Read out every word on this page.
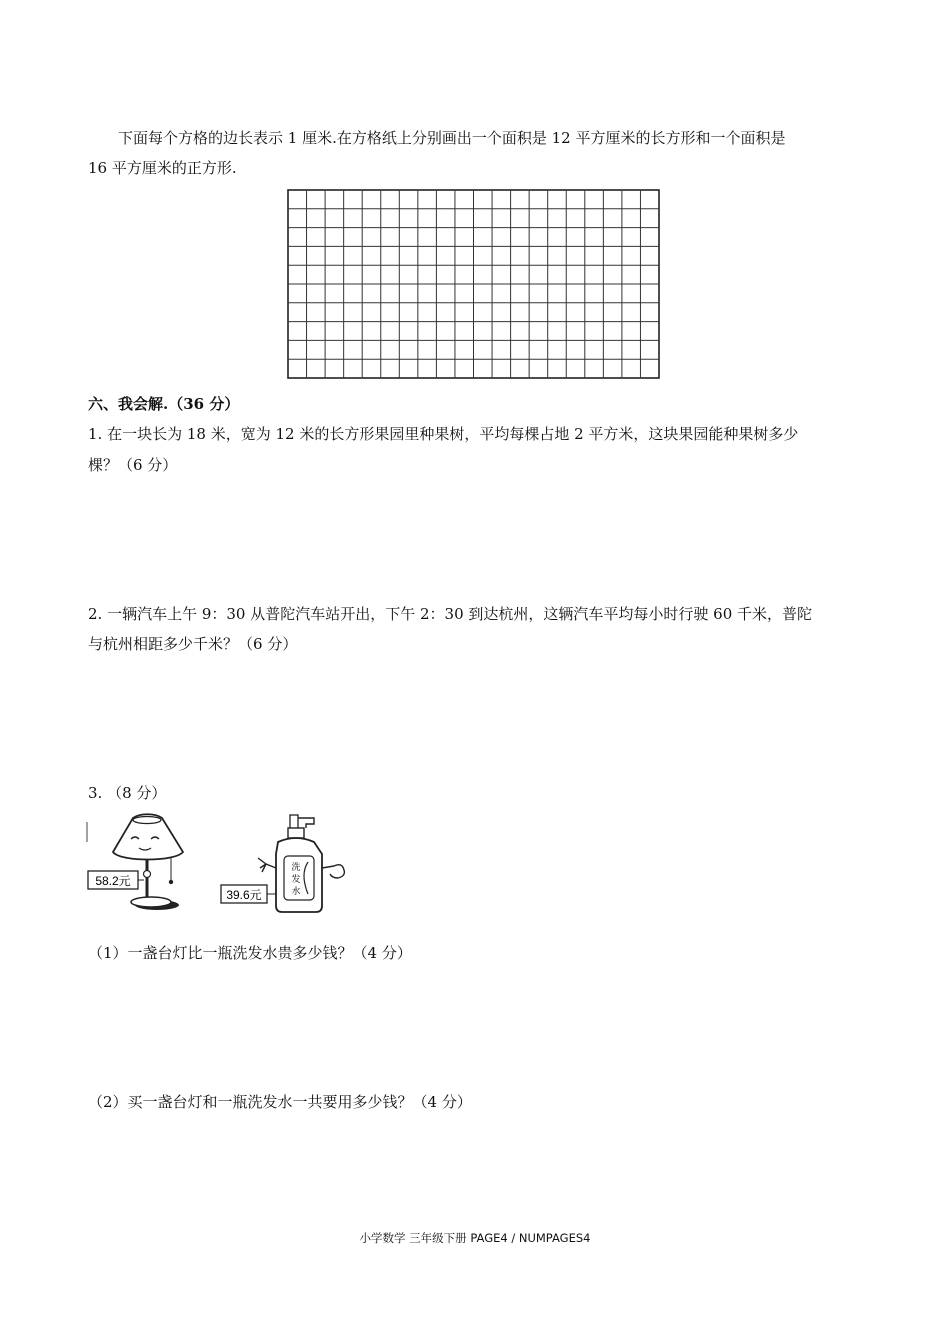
下面每个方格的边长表示 1 厘米.在方格纸上分别画出一个面积是 12 平方厘米的长方形和一个面积是
16 平方厘米的正方形.
六、我会解.（36 分）
1. 在一块长为 18 米，宽为 12 米的长方形果园里种果树，平均每棵占地 2 平方米，这块果园能种果树多少
棵？（6 分）
2. 一辆汽车上午 9：30 从普陀汽车站开出，下午 2：30 到达杭州，这辆汽车平均每小时行驶 60 千米，普陀
与杭州相距多少千米？（6 分）
3. （8 分）
58.2元
洗
发
水
39.6元
（1）一盏台灯比一瓶洗发水贵多少钱？（4 分）
（2）买一盏台灯和一瓶洗发水一共要用多少钱？（4 分）
小学数学 三年级下册 PAGE4 / NUMPAGES4
